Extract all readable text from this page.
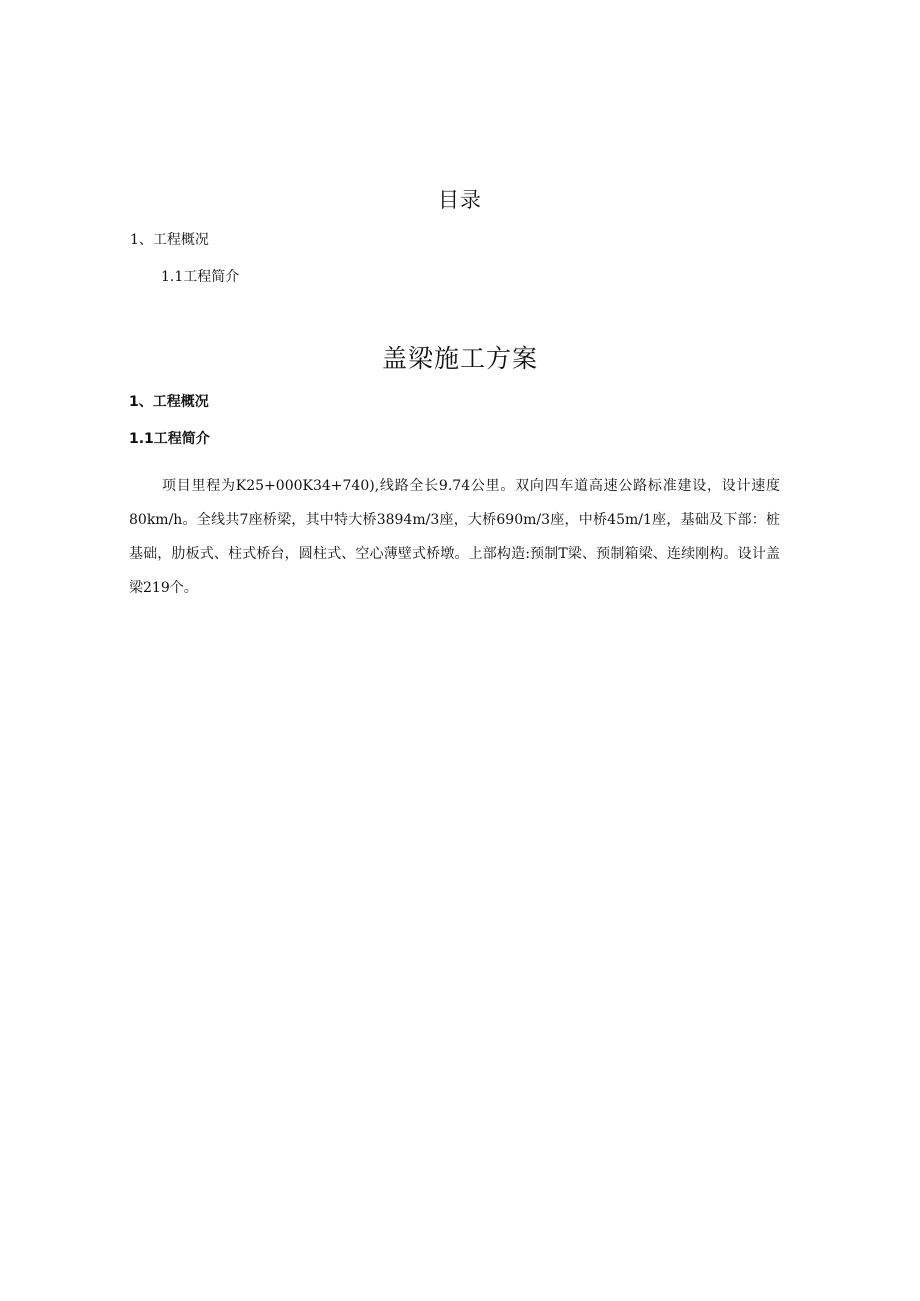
目录
1、工程概况
1.1工程简介
盖梁施工方案
1、工程概况
1.1工程简介

项目里程为K25+000K34+740),线路全长9.74公里。双向四车道高速公路标准建设，设计速度80km/h。全线共7座桥梁，其中特大桥3894m/3座，大桥690m/3座，中桥45m/1座，基础及下部：桩基础，肋板式、柱式桥台，圆柱式、空心薄壁式桥墩。上部构造:预制T梁、预制箱梁、连续刚构。设计盖梁219个。
